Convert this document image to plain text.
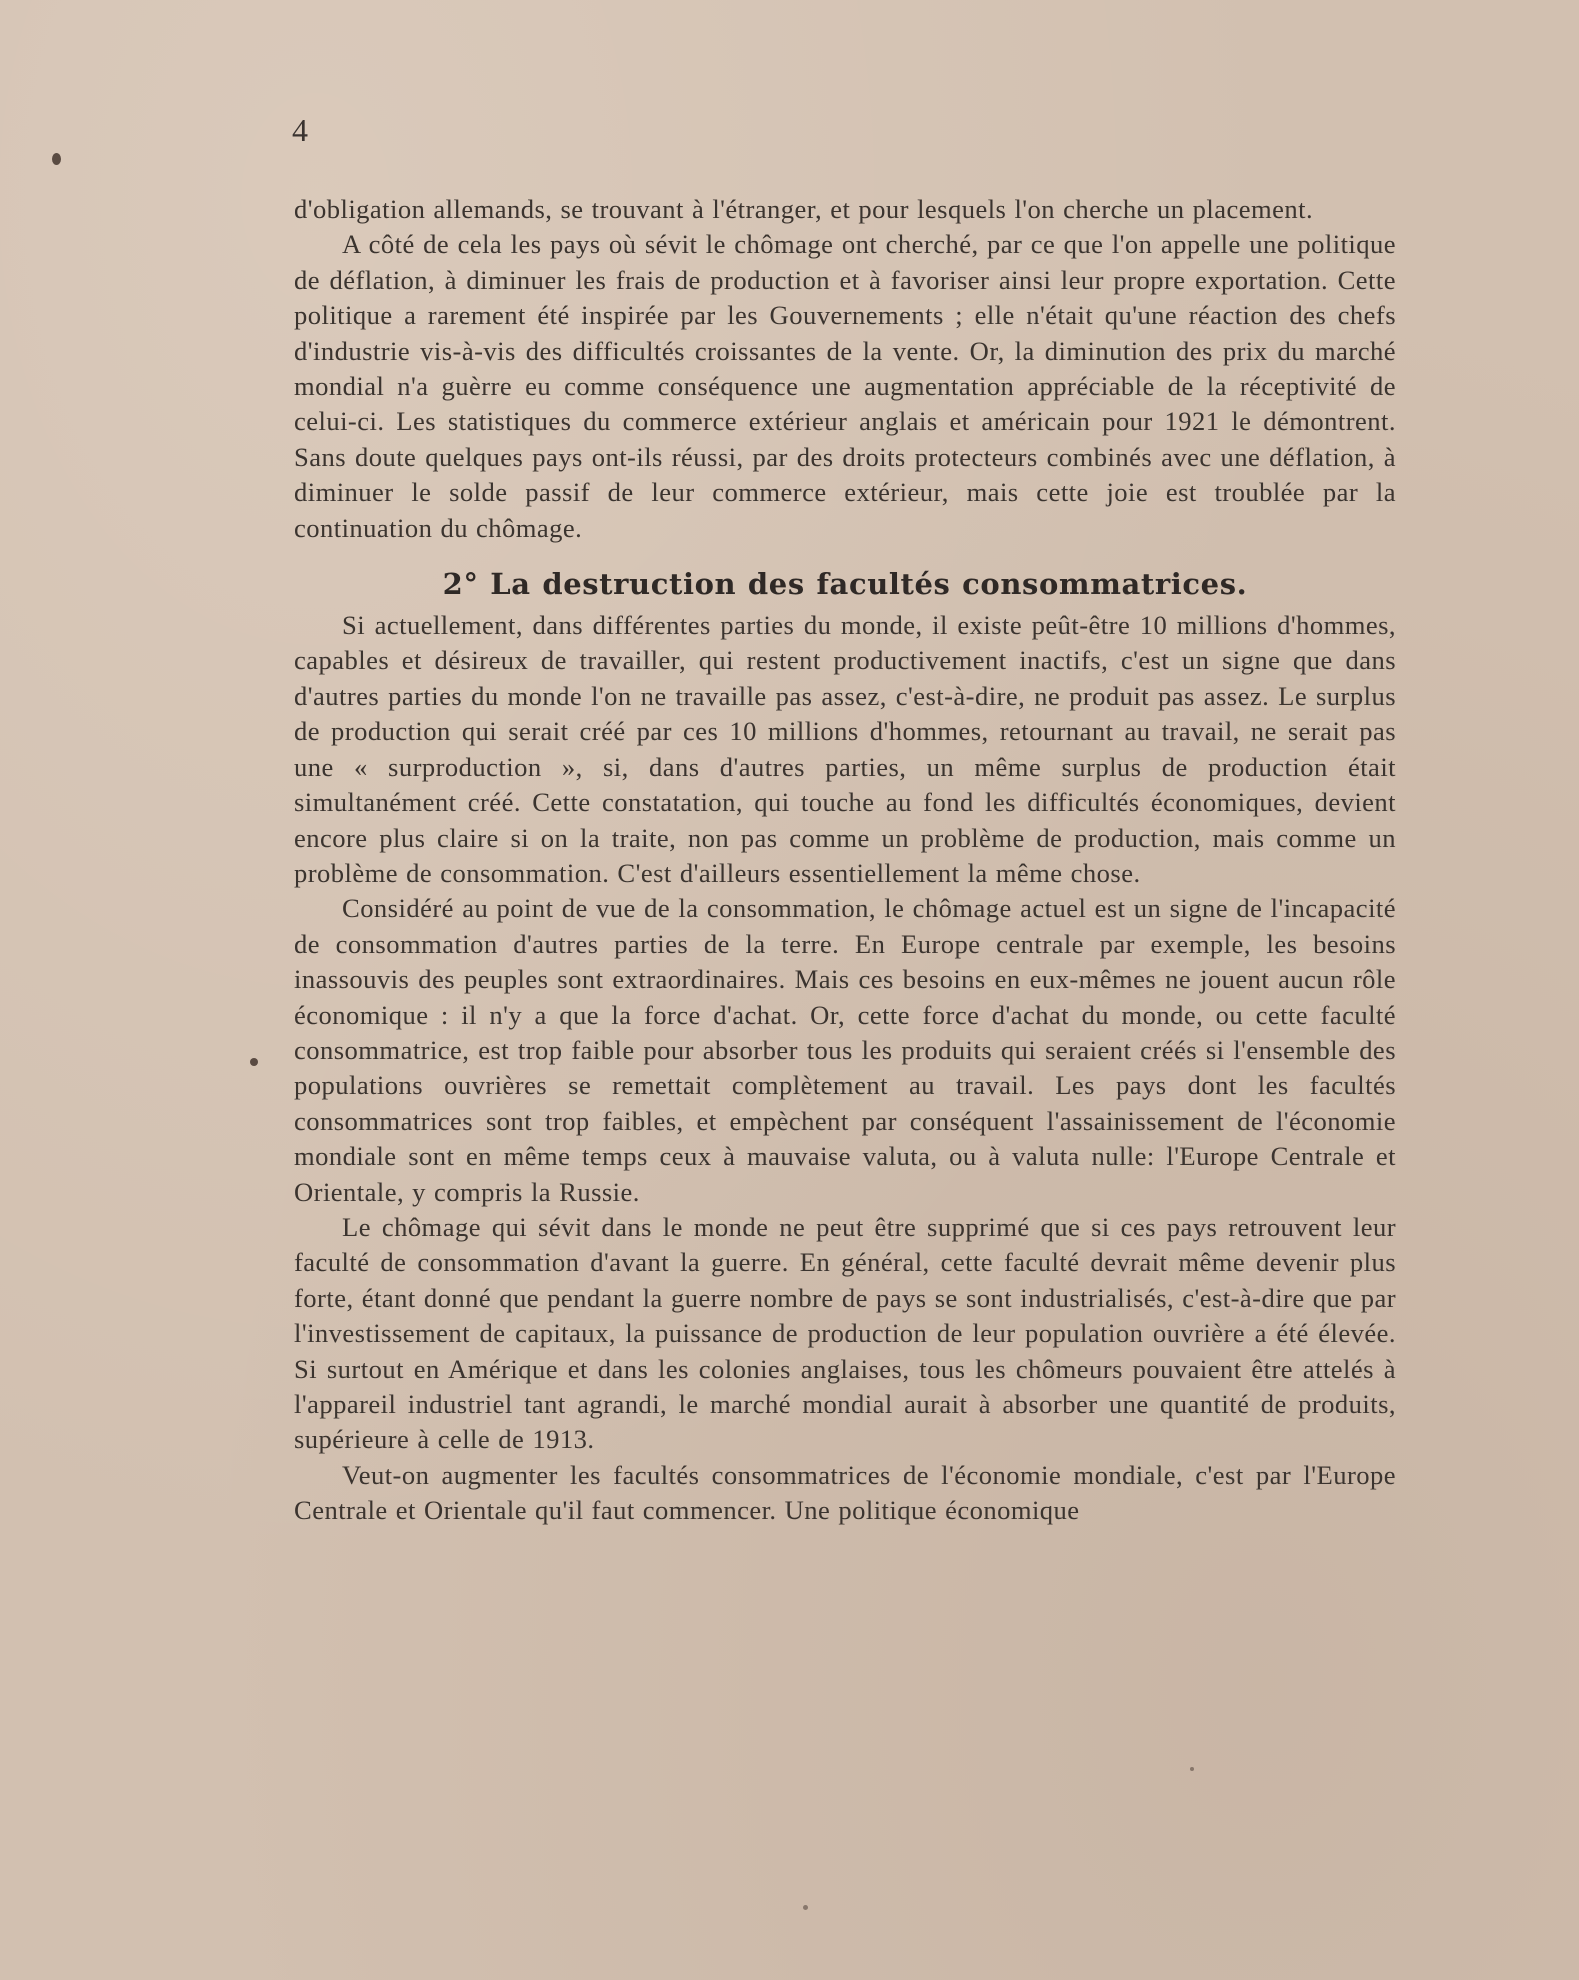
4

d'obligation allemands, se trouvant à l'étranger, et pour lesquels l'on cherche un placement.

A côté de cela les pays où sévit le chômage ont cherché, par ce que l'on appelle une politique de déflation, à diminuer les frais de production et à favoriser ainsi leur propre exportation. Cette politique a rarement été inspirée par les Gouvernements ; elle n'était qu'une réaction des chefs d'industrie vis-à-vis des difficultés croissantes de la vente. Or, la diminution des prix du marché mondial n'a guèrre eu comme conséquence une augmentation appréciable de la réceptivité de celui-ci. Les statistiques du commerce extérieur anglais et américain pour 1921 le démontrent. Sans doute quelques pays ont-ils réussi, par des droits protecteurs combinés avec une déflation, à diminuer le solde passif de leur commerce extérieur, mais cette joie est troublée par la continuation du chômage.

2° La destruction des facultés consommatrices.

Si actuellement, dans différentes parties du monde, il existe peût-être 10 millions d'hommes, capables et désireux de travailler, qui restent productivement inactifs, c'est un signe que dans d'autres parties du monde l'on ne travaille pas assez, c'est-à-dire, ne produit pas assez. Le surplus de production qui serait créé par ces 10 millions d'hommes, retournant au travail, ne serait pas une « surproduction », si, dans d'autres parties, un même surplus de production était simultanément créé. Cette constatation, qui touche au fond les difficultés économiques, devient encore plus claire si on la traite, non pas comme un problème de production, mais comme un problème de consommation. C'est d'ailleurs essentiellement la même chose.

Considéré au point de vue de la consommation, le chômage actuel est un signe de l'incapacité de consommation d'autres parties de la terre. En Europe centrale par exemple, les besoins inassouvis des peuples sont extraordinaires. Mais ces besoins en eux-mêmes ne jouent aucun rôle économique : il n'y a que la force d'achat. Or, cette force d'achat du monde, ou cette faculté consommatrice, est trop faible pour absorber tous les produits qui seraient créés si l'ensemble des populations ouvrières se remettait complètement au travail. Les pays dont les facultés consommatrices sont trop faibles, et empèchent par conséquent l'assainissement de l'économie mondiale sont en même temps ceux à mauvaise valuta, ou à valuta nulle: l'Europe Centrale et Orientale, y compris la Russie.

Le chômage qui sévit dans le monde ne peut être supprimé que si ces pays retrouvent leur faculté de consommation d'avant la guerre. En général, cette faculté devrait même devenir plus forte, étant donné que pendant la guerre nombre de pays se sont industrialisés, c'est-à-dire que par l'investissement de capitaux, la puissance de production de leur population ouvrière a été élevée. Si surtout en Amérique et dans les colonies anglaises, tous les chômeurs pouvaient être attelés à l'appareil industriel tant agrandi, le marché mondial aurait à absorber une quantité de produits, supérieure à celle de 1913.

Veut-on augmenter les facultés consommatrices de l'économie mondiale, c'est par l'Europe Centrale et Orientale qu'il faut commencer. Une politique économique
